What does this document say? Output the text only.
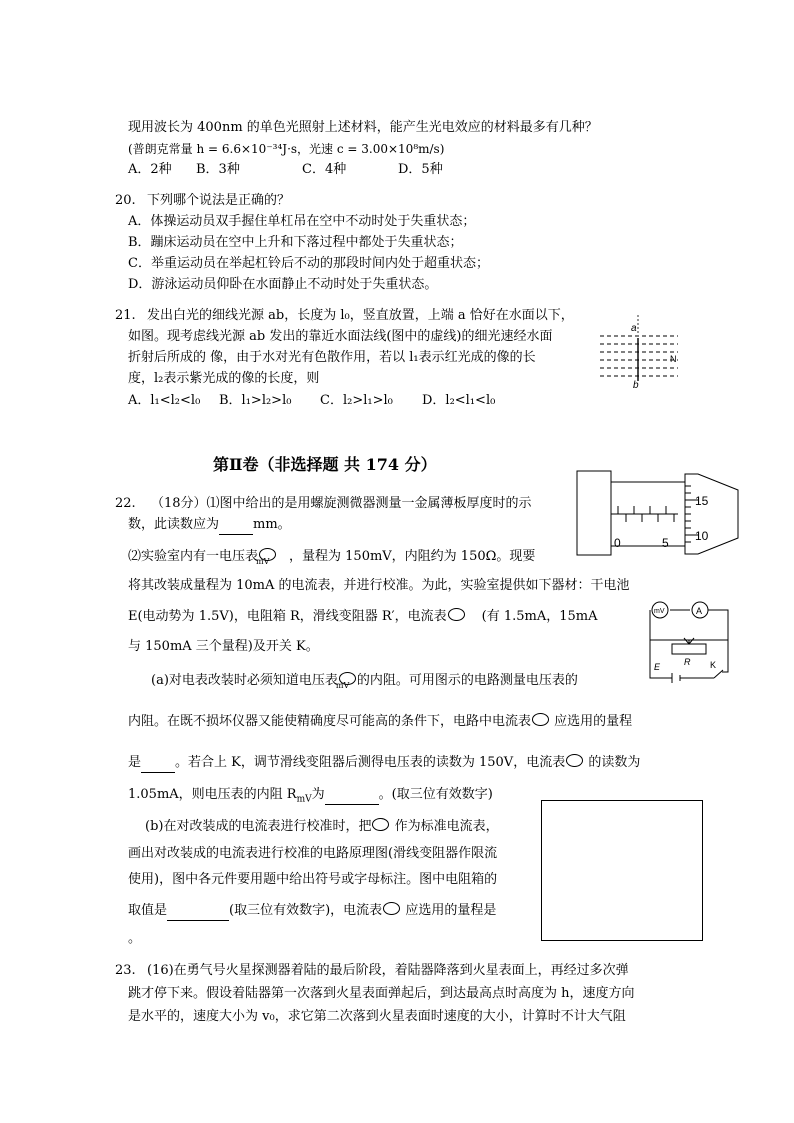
现用波长为 400nm 的单色光照射上述材料，能产生光电效应的材料最多有几种？
(普朗克常量 h = 6.6×10⁻³⁴J·s，光速 c = 3.00×10⁸m/s)
A．2种 B．3种	C．4种	D．5种
20. 下列哪个说法是正确的？
A．体操运动员双手握住单杠吊在空中不动时处于失重状态；
B．蹦床运动员在空中上升和下落过程中都处于失重状态；
C．举重运动员在举起杠铃后不动的那段时间内处于超重状态；
D．游泳运动员仰卧在水面静止不动时处于失重状态。
21. 发出白光的细线光源 ab，长度为 l₀，竖直放置，上端 a 恰好在水面以下，
如图。现考虑线光源 ab 发出的靠近水面法线(图中的虚线)的细光速经水面
折射后所成的 像，由于水对光有色散作用，若以 l₁表示红光成的像的长
度，l₂表示紫光成的像的长度，则
A．l₁<l₂<l₀ B．l₁>l₂>l₀ C．l₂>l₁>l₀ D．l₂<l₁<l₀
a
b
N
第Ⅱ卷（非选择题 共 174 分）
22. （18分）⑴图中给出的是用螺旋测微器测量一金属薄板厚度时的示
数，此读数应为	mm。
0	5
15
10
⑵实验室内有一电压表$_{mV}$ ，量程为 150mV，内阻约为 150Ω。现要
将其改装成量程为 10mA 的电流表，并进行校准。为此，实验室提供如下器材：干电池
E(电动势为 1.5V)，电阻箱 R，滑线变阻器 R′，电流表	(有 1.5mA，15mA
与 150mA 三个量程)及开关 K。
mV	A
R
E	K
(a)对电表改装时必须知道电压表$_{mV}$ 的内阻。可用图示的电路测量电压表的
内阻。在既不损坏仪器又能使精确度尽可能高的条件下，电路中电流表 应选用的量程
是	。若合上 K，调节滑线变阻器后测得电压表的读数为 150V，电流表 的读数为
1.05mA，则电压表的内阻 $R_{mV}$为	。(取三位有效数字)
(b)在对改装成的电流表进行校准时，把 作为标准电流表，
画出对改装成的电流表进行校准的电路原理图(滑线变阻器作限流
使用)，图中各元件要用题中给出符号或字母标注。图中电阻箱的
取值是	(取三位有效数字)，电流表 应选用的量程是
。
23. (16)在勇气号火星探测器着陆的最后阶段，着陆器降落到火星表面上，再经过多次弹
跳才停下来。假设着陆器第一次落到火星表面弹起后，到达最高点时高度为 h，速度方向
是水平的，速度大小为 v₀，求它第二次落到火星表面时速度的大小，计算时不计大气阻
